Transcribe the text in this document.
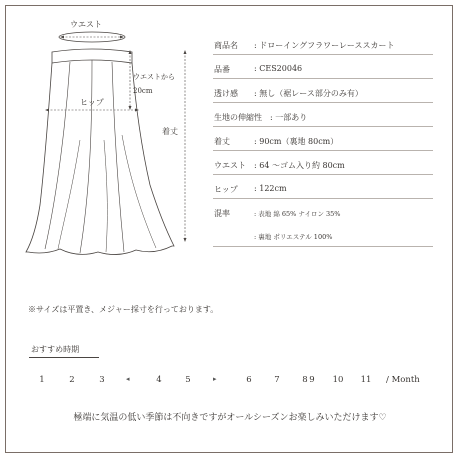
ウエスト
ウエストから
20cm
ヒップ
着丈
商品名 : ドローイングフラワーレーススカート
品番	: CES20046
透け感 : 無し（裾レース部分のみ有）
生地の伸縮性 : 一部あり
着丈	: 90cm（裏地 80cm）
ウエスト : 64 〜ゴム入り約 80cm
ヒップ : 122cm
混率	: 表地 綿 65% ナイロン 35%
: 裏地 ポリエステル 100%
※サイズは平置き、メジャー採寸を行っております。
おすすめ時期
1	2	3	◂	4	5	▸	6	7	8 9	10	11	/ Month
極端に気温の低い季節は不向きですがオールシーズンお楽しみいただけます♡
